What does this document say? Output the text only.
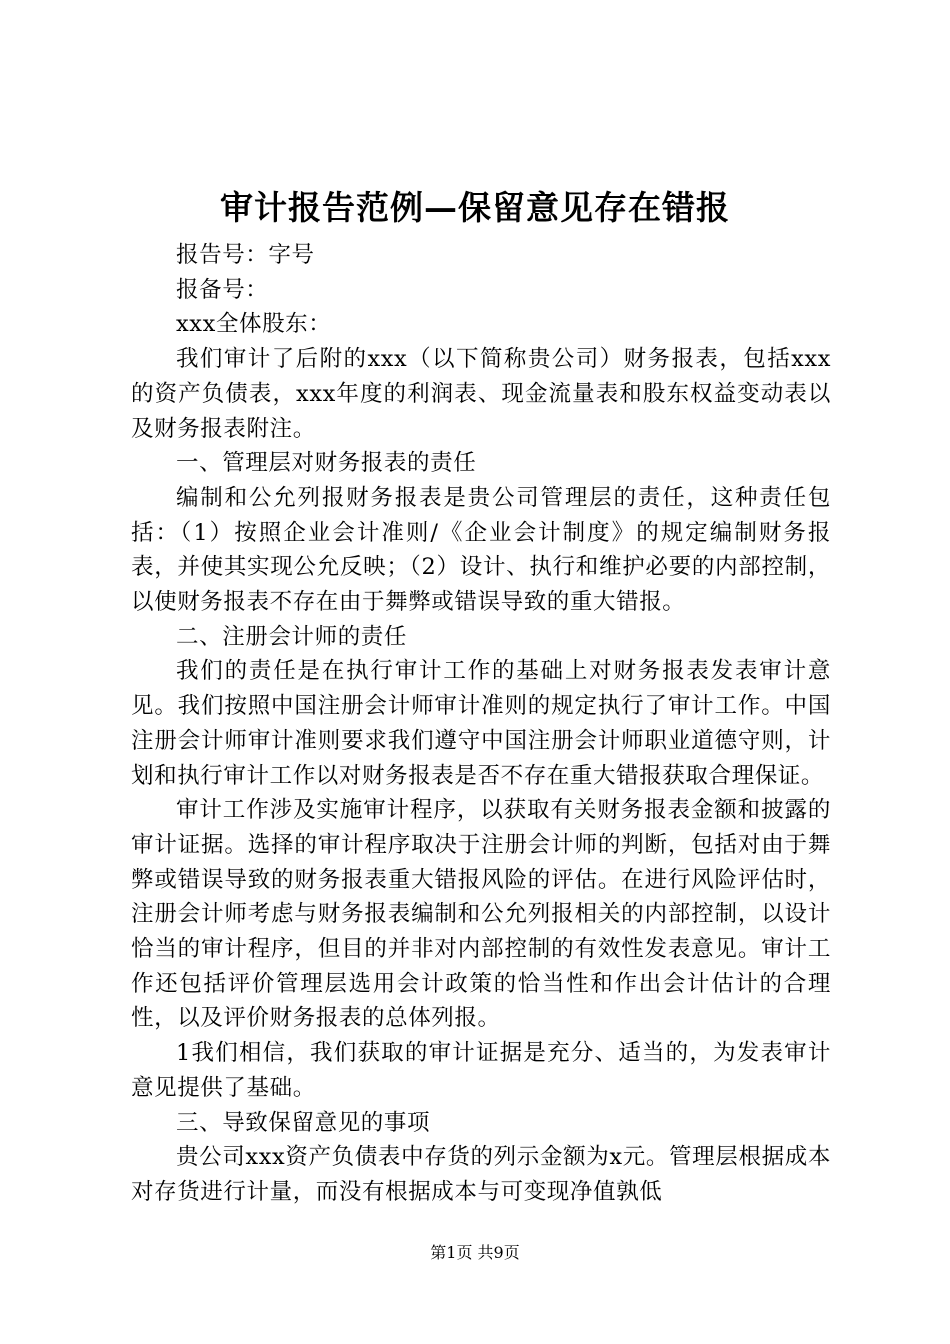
审计报告范例—保留意见存在错报

报告号：字号

报备号：

xxx全体股东：

我们审计了后附的xxx（以下简称贵公司）财务报表，包括xxx的资产负债表，xxx年度的利润表、现金流量表和股东权益变动表以及财务报表附注。

一、管理层对财务报表的责任

编制和公允列报财务报表是贵公司管理层的责任，这种责任包括：（1）按照企业会计准则/《企业会计制度》的规定编制财务报表，并使其实现公允反映；（2）设计、执行和维护必要的内部控制，以使财务报表不存在由于舞弊或错误导致的重大错报。

二、注册会计师的责任

我们的责任是在执行审计工作的基础上对财务报表发表审计意见。我们按照中国注册会计师审计准则的规定执行了审计工作。中国注册会计师审计准则要求我们遵守中国注册会计师职业道德守则，计划和执行审计工作以对财务报表是否不存在重大错报获取合理保证。

审计工作涉及实施审计程序，以获取有关财务报表金额和披露的审计证据。选择的审计程序取决于注册会计师的判断，包括对由于舞弊或错误导致的财务报表重大错报风险的评估。在进行风险评估时，注册会计师考虑与财务报表编制和公允列报相关的内部控制，以设计恰当的审计程序，但目的并非对内部控制的有效性发表意见。审计工作还包括评价管理层选用会计政策的恰当性和作出会计估计的合理性，以及评价财务报表的总体列报。

1我们相信，我们获取的审计证据是充分、适当的，为发表审计意见提供了基础。

三、导致保留意见的事项

贵公司xxx资产负债表中存货的列示金额为x元。管理层根据成本对存货进行计量，而没有根据成本与可变现净值孰低

第1页 共9页
